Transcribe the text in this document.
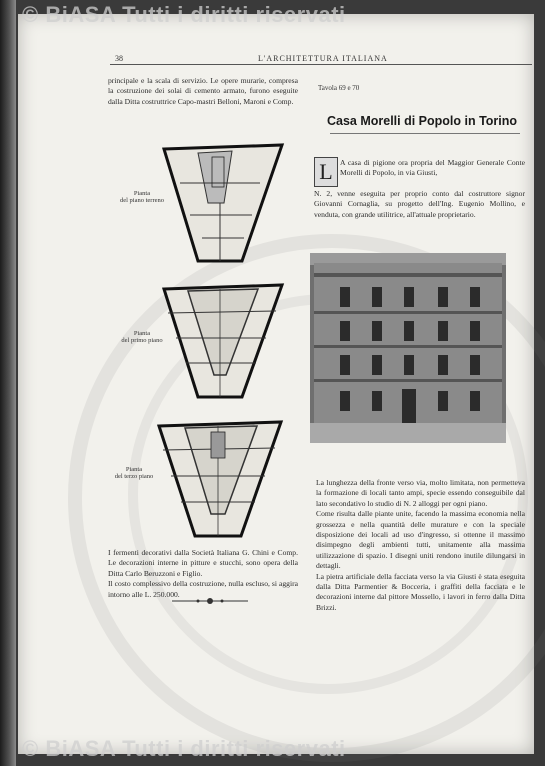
© BiASA Tutti i diritti riservati
© BiASA Tutti i diritti riservati
38	L'ARCHITETTURA ITALIANA

principale e la scala di servizio. Le opere murarie, compresa la costruzione dei solai di cemento armato, furono eseguite dalla Ditta costruttrice Capo-mastri Belloni, Maroni e Comp.

Pianta
del piano terreno
Pianta
del primo piano
Pianta
del terzo piano

I fermenti decorativi dalla Società Italiana G. Chini e Comp. Le decorazioni interne in pitture e stucchi, sono opera della Ditta Carlo Beruzzoni e Figlio.

Il costo complessivo della costruzione, nulla escluso, si aggira intorno alle L. 250.000.

Tavola 69 e 70
Casa Morelli di Popolo in Torino
L A casa di pigione ora propria del Maggior Generale Conte Morelli di Popolo, in via Giusti,
N. 2, venne eseguita per proprio conto dal costruttore signor Giovanni Cornaglia, su progetto dell'Ing. Eugenio Mollino, e venduta, con grande utilitrice, all'attuale proprietario.

La lunghezza della fronte verso via, molto limitata, non permetteva la formazione di locali tanto ampi, specie essendo conseguibile dal lato secondativo lo studio di N. 2 alloggi per ogni piano.

Come risulta dalle piante unite, facendo la massima economia nella grossezza e nella quantità delle murature e con la speciale disposizione dei locali ad uso d'ingresso, si ottenne il massimo disimpegno degli ambienti tutti, unitamente alla massima utilizzazione di spazio. I disegni uniti rendono inutile dilungarsi in dettagli.

La pietra artificiale della facciata verso la via Giusti è stata eseguita dalla Ditta Parmentier & Bocceria, i graffiti della facciata e le decorazioni interne dal pittore Mossello, i lavori in ferro dalla Ditta Brizzi.
